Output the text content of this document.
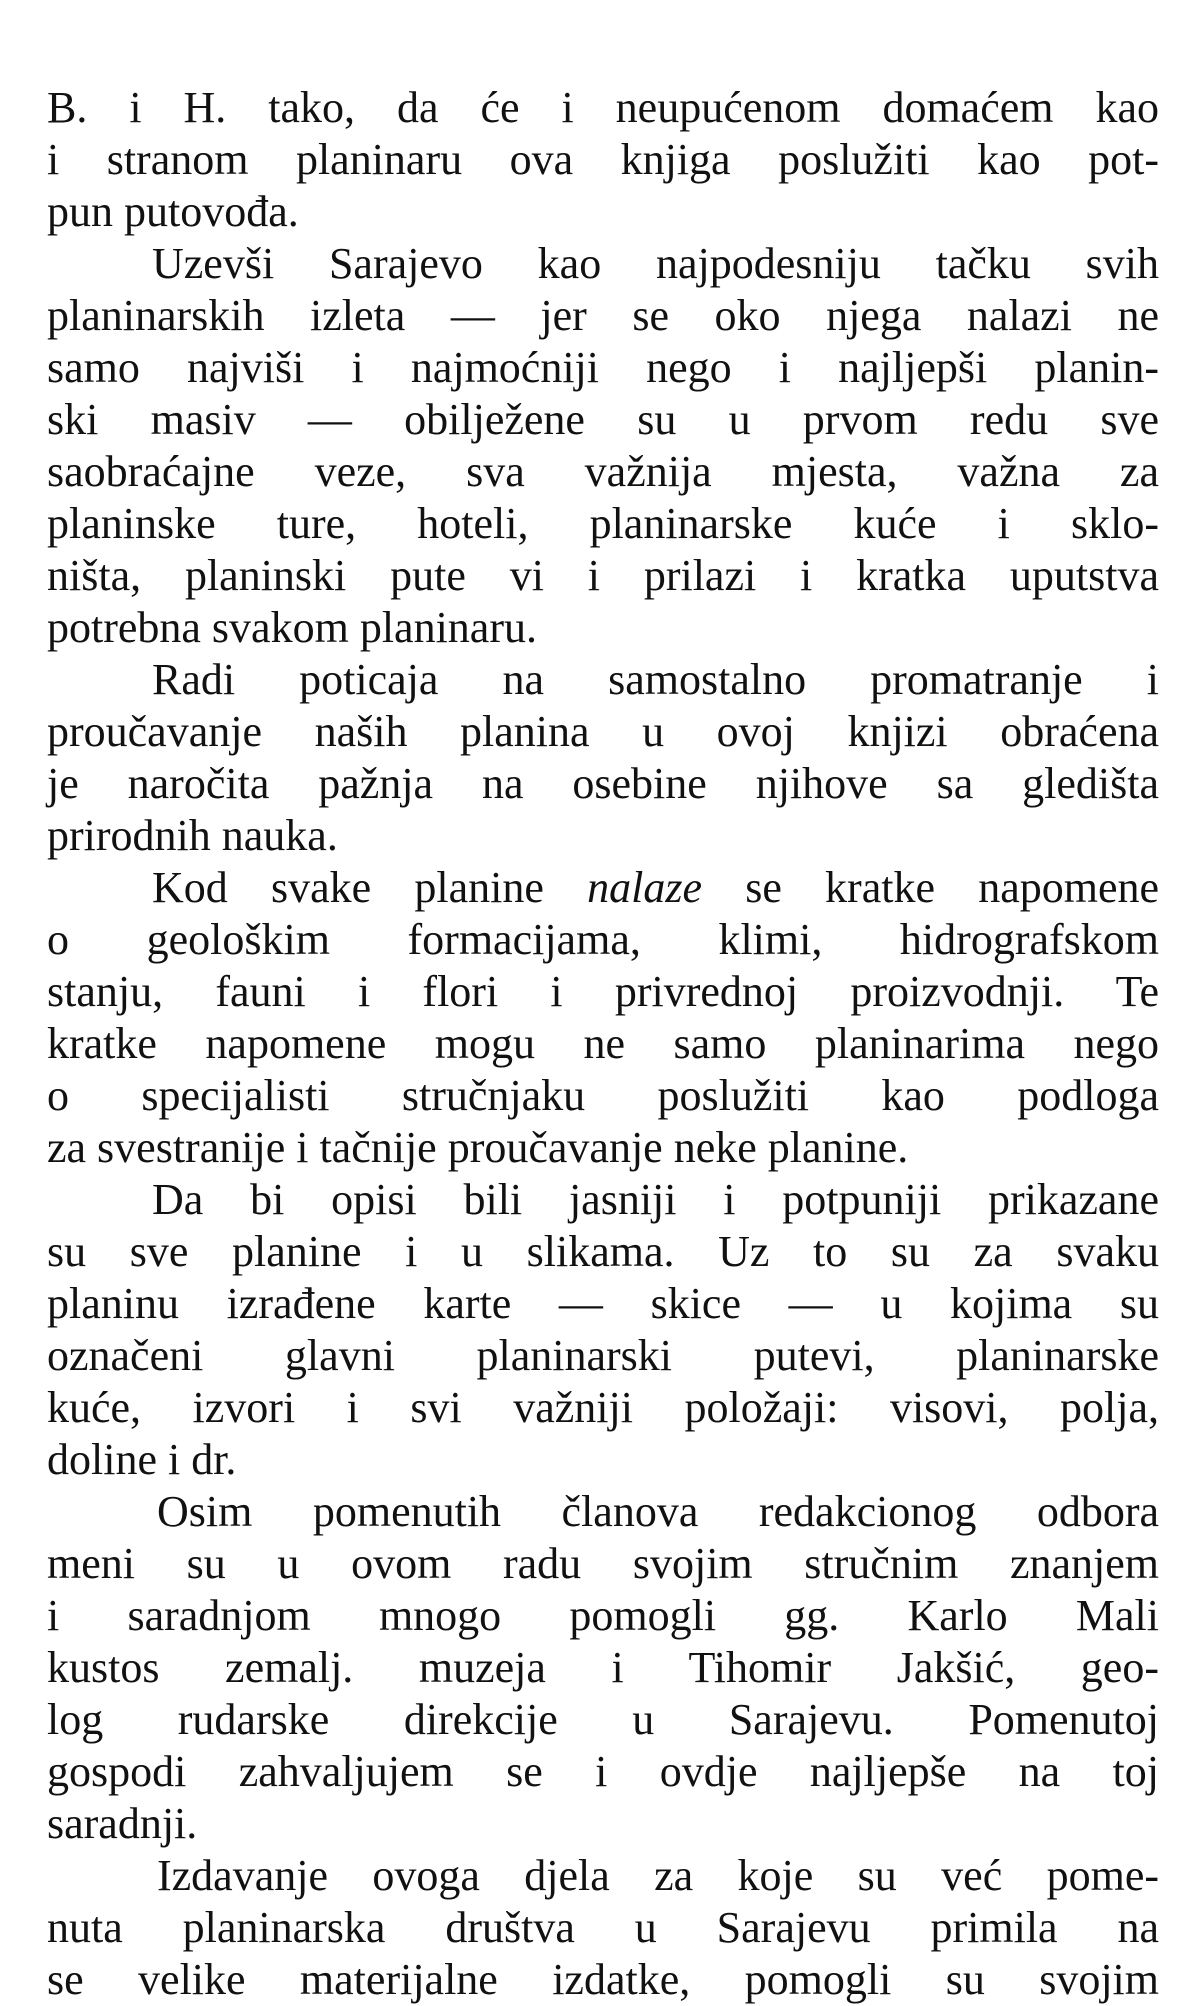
B. i H. tako, da će i neupućenom domaćem kao
i stranom planinaru ova knjiga poslužiti kao pot-
pun putovođa.
Uzevši Sarajevo kao najpodesniju tačku svih
planinarskih izleta — jer se oko njega nalazi ne
samo najviši i najmoćniji nego i najljepši planin-
ski masiv — obilježene su u prvom redu sve
saobraćajne veze, sva važnija mjesta, važna za
planinske ture, hoteli, planinarske kuće i sklo-
ništa, planinski pute vi i prilazi i kratka uputstva
potrebna svakom planinaru.
Radi poticaja na samostalno promatranje i
proučavanje naših planina u ovoj knjizi obraćena
je naročita pažnja na osebine njihove sa gledišta
prirodnih nauka.
Kod svake planine nalaze se kratke napomene
o geološkim formacijama, klimi, hidrografskom
stanju, fauni i flori i privrednoj proizvodnji. Te
kratke napomene mogu ne samo planinarima nego
o specijalisti stručnjaku poslužiti kao podloga
za svestranije i tačnije proučavanje neke planine.
Da bi opisi bili jasniji i potpuniji prikazane
su sve planine i u slikama. Uz to su za svaku
planinu izrađene karte — skice — u kojima su
označeni glavni planinarski putevi, planinarske
kuće, izvori i svi važniji položaji: visovi, polja,
doline i dr.
Osim pomenutih članova redakcionog odbora
meni su u ovom radu svojim stručnim znanjem
i saradnjom mnogo pomogli gg. Karlo Mali
kustos zemalj. muzeja i Tihomir Jakšić, geo-
log rudarske direkcije u Sarajevu. Pomenutoj
gospodi zahvaljujem se i ovdje najljepše na toj
saradnji.
Izdavanje ovoga djela za koje su već pome-
nuta planinarska društva u Sarajevu primila na
se velike materijalne izdatke, pomogli su svojim
